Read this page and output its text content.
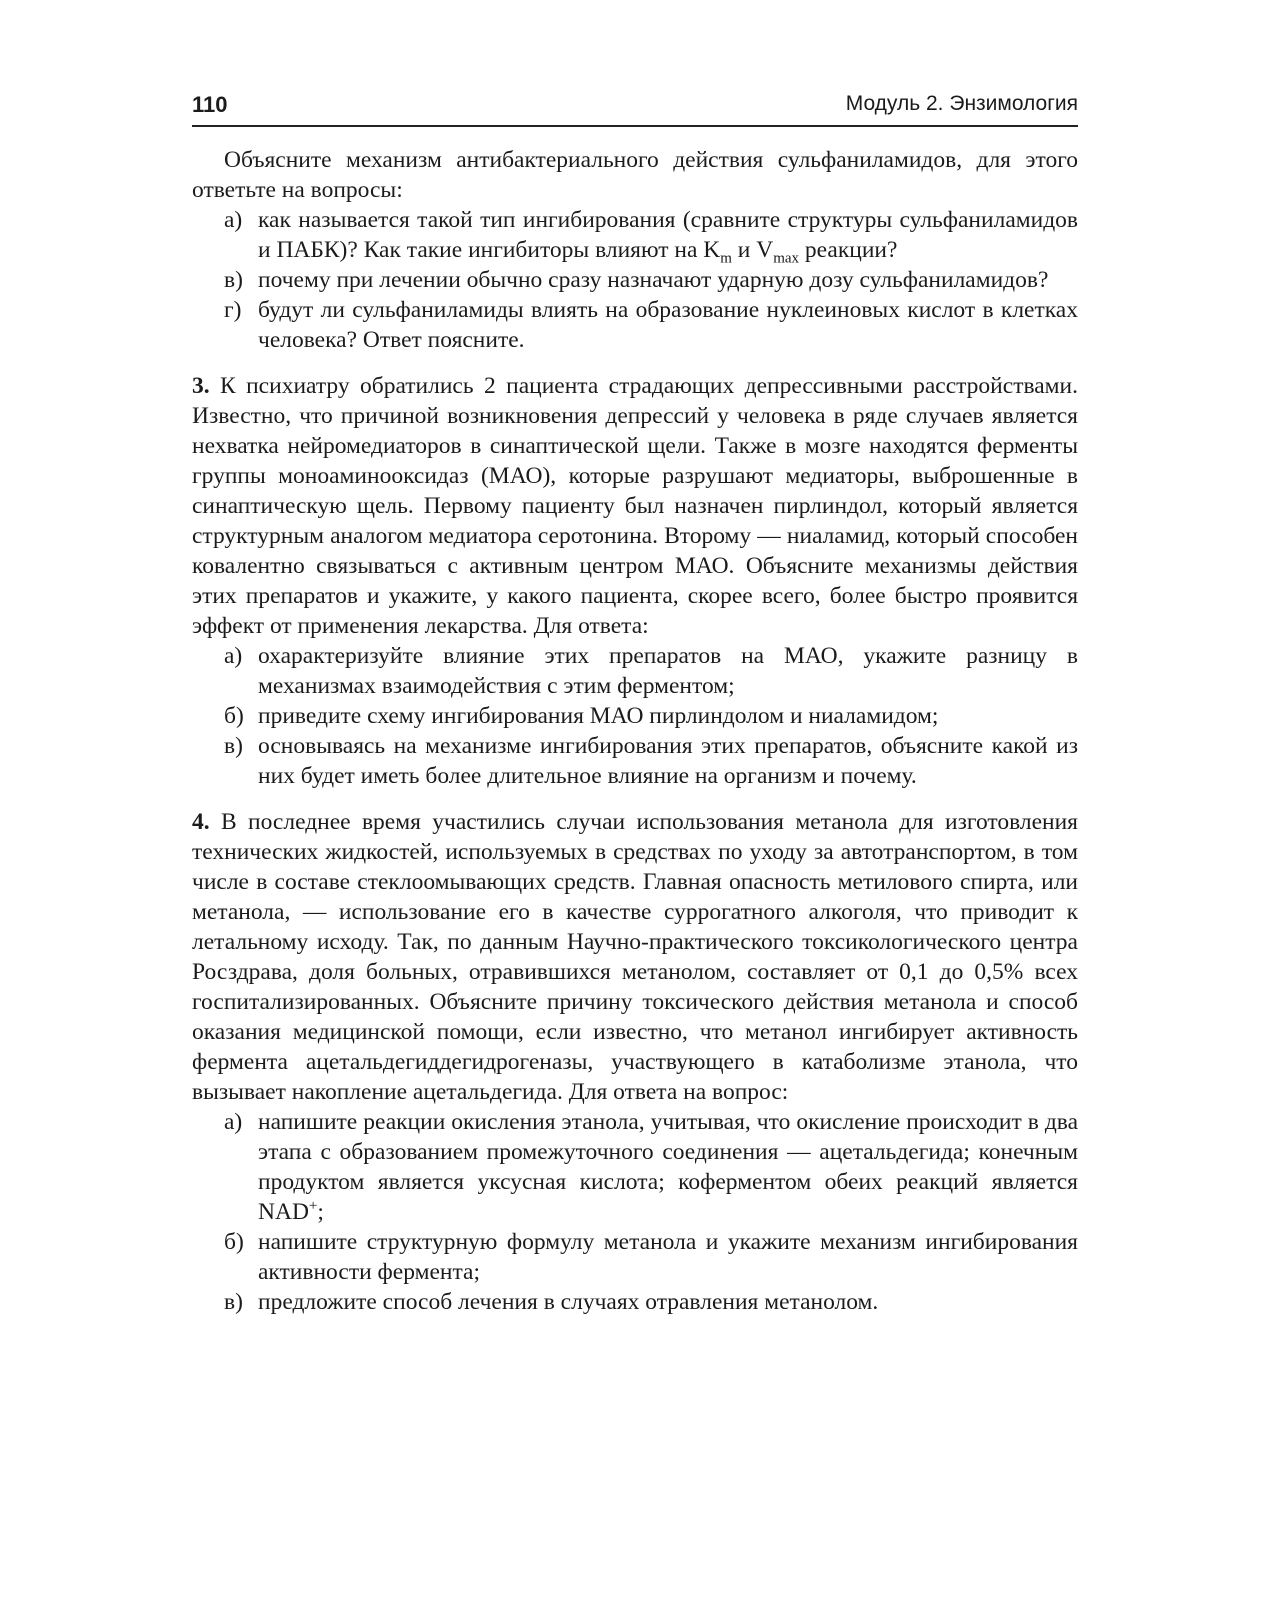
110	Модуль 2. Энзимология

Объясните механизм антибактериального действия сульфаниламидов, для этого ответьте на вопросы:

а) как называется такой тип ингибирования (сравните структуры сульфаниламидов и ПАБК)? Как такие ингибиторы влияют на $K_m$ и $V_{max}$ реакции?
в) почему при лечении обычно сразу назначают ударную дозу сульфаниламидов?
г) будут ли сульфаниламиды влиять на образование нуклеиновых кислот в клетках человека? Ответ поясните.

3. К психиатру обратились 2 пациента страдающих депрессивными расстройствами. Известно, что причиной возникновения депрессий у человека в ряде случаев является нехватка нейромедиаторов в синаптической щели. Также в мозге находятся ферменты группы моноаминооксидаз (МАО), которые разрушают медиаторы, выброшенные в синаптическую щель. Первому пациенту был назначен пирлиндол, который является структурным аналогом медиатора серотонина. Второму — ниаламид, который способен ковалентно связываться с активным центром МАО. Объясните механизмы действия этих препаратов и укажите, у какого пациента, скорее всего, более быстро проявится эффект от применения лекарства. Для ответа:

а) охарактеризуйте влияние этих препаратов на МАО, укажите разницу в механизмах взаимодействия с этим ферментом;
б) приведите схему ингибирования МАО пирлиндолом и ниаламидом;
в) основываясь на механизме ингибирования этих препаратов, объясните какой из них будет иметь более длительное влияние на организм и почему.

4. В последнее время участились случаи использования метанола для изготовления технических жидкостей, используемых в средствах по уходу за автотранспортом, в том числе в составе стеклоомывающих средств. Главная опасность метилового спирта, или метанола, — использование его в качестве суррогатного алкоголя, что приводит к летальному исходу. Так, по данным Научно-практического токсикологического центра Росздрава, доля больных, отравившихся метанолом, составляет от 0,1 до 0,5% всех госпитализированных. Объясните причину токсического действия метанола и способ оказания медицинской помощи, если известно, что метанол ингибирует активность фермента ацетальдегиддегидрогеназы, участвующего в катаболизме этанола, что вызывает накопление ацетальдегида. Для ответа на вопрос:

а) напишите реакции окисления этанола, учитывая, что окисление происходит в два этапа с образованием промежуточного соединения — ацетальдегида; конечным продуктом является уксусная кислота; коферментом обеих реакций является NAD+;
б) напишите структурную формулу метанола и укажите механизм ингибирования активности фермента;
в) предложите способ лечения в случаях отравления метанолом.
